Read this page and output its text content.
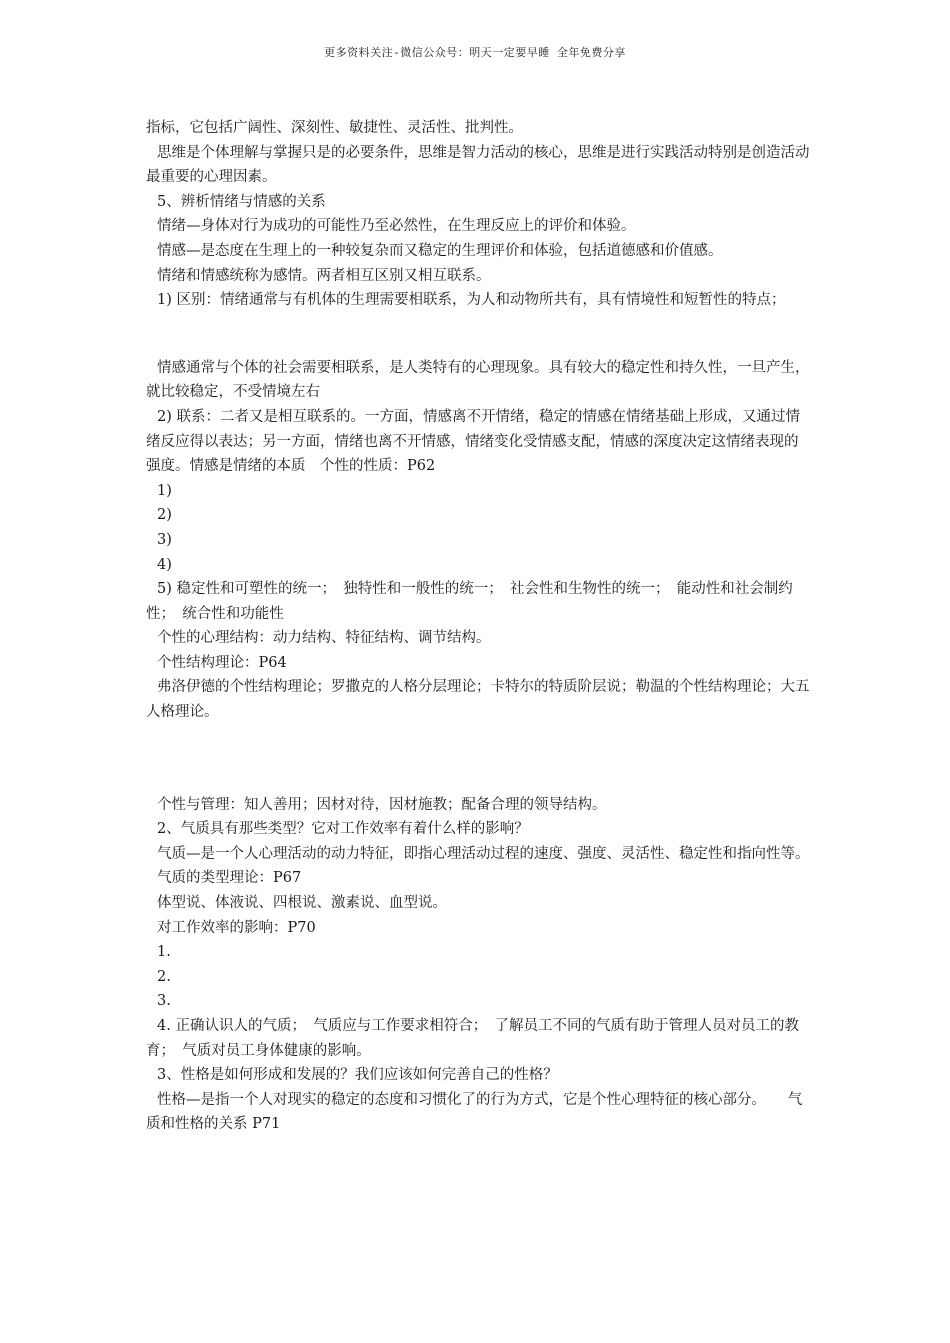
更多资料关注-微信公众号：明天一定要早睡 全年免费分享

指标，它包括广阔性、深刻性、敏捷性、灵活性、批判性。

思维是个体理解与掌握只是的必要条件，思维是智力活动的核心，思维是进行实践活动特别是创造活动最重要的心理因素。

5、辨析情绪与情感的关系

情绪—身体对行为成功的可能性乃至必然性，在生理反应上的评价和体验。

情感—是态度在生理上的一种较复杂而又稳定的生理评价和体验，包括道德感和价值感。

情绪和情感统称为感情。两者相互区别又相互联系。

1) 区别：情绪通常与有机体的生理需要相联系，为人和动物所共有，具有情境性和短暂性的特点；

情感通常与个体的社会需要相联系，是人类特有的心理现象。具有较大的稳定性和持久性，一旦产生，就比较稳定，不受情境左右

2) 联系：二者又是相互联系的。一方面，情感离不开情绪，稳定的情感在情绪基础上形成，又通过情绪反应得以表达；另一方面，情绪也离不开情感，情绪变化受情感支配，情感的深度决定这情绪表现的强度。情感是情绪的本质　个性的性质：P62

1)

2)

3)

4)

5) 稳定性和可塑性的统一；　独特性和一般性的统一；　社会性和生物性的统一；　能动性和社会制约性；　统合性和功能性

个性的心理结构：动力结构、特征结构、调节结构。

个性结构理论：P64

弗洛伊德的个性结构理论；罗撒克的人格分层理论；卡特尔的特质阶层说；勒温的个性结构理论；大五人格理论。

个性与管理：知人善用；因材对待，因材施教；配备合理的领导结构。

2、气质具有那些类型？它对工作效率有着什么样的影响？

气质—是一个人心理活动的动力特征，即指心理活动过程的速度、强度、灵活性、稳定性和指向性等。

气质的类型理论：P67

体型说、体液说、四根说、激素说、血型说。

对工作效率的影响：P70

1.

2.

3.

4. 正确认识人的气质；　气质应与工作要求相符合；　了解员工不同的气质有助于管理人员对员工的教育；　气质对员工身体健康的影响。

3、性格是如何形成和发展的？我们应该如何完善自己的性格？

性格—是指一个人对现实的稳定的态度和习惯化了的行为方式，它是个性心理特征的核心部分。　　气质和性格的关系 P71
